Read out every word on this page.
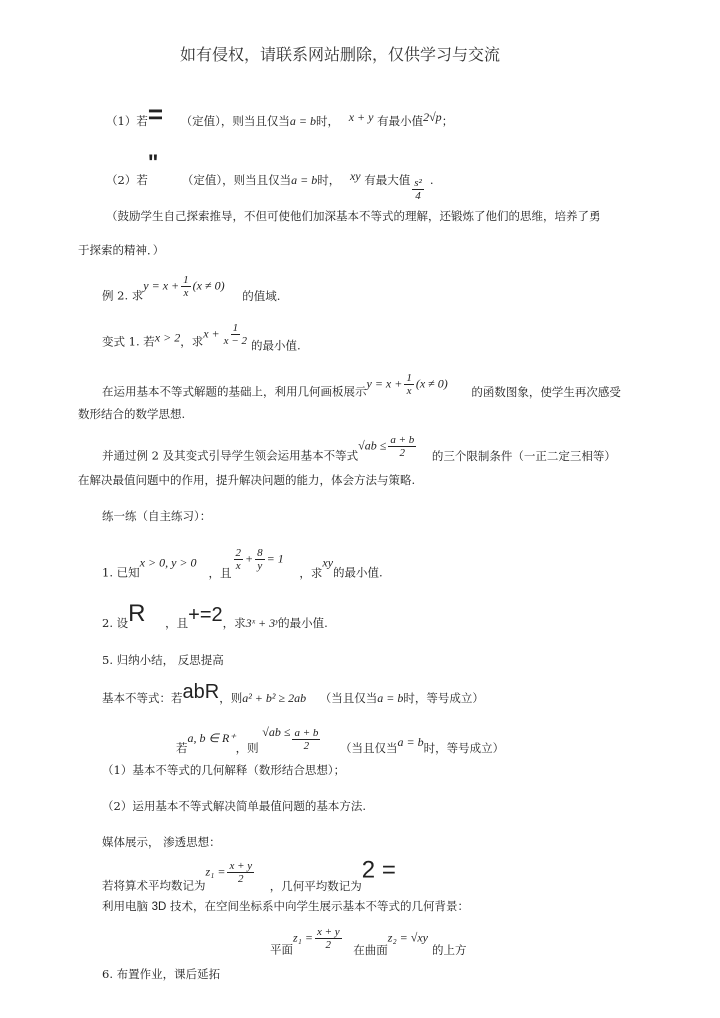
如有侵权，请联系网站删除，仅供学习与交流
（1）若= （定值），则当且仅当a = b时， x + y 有最小值2√p；
（2）若" （定值），则当且仅当a = b时， xy 有最大值 $\frac{\text{s²}}{4}$ .
（鼓励学生自己探索推导，不但可使他们加深基本不等式的理解，还锻炼了他们的思维，培养了勇
于探索的精神．）
例 2. 求$y = x + \frac{1}{x} (x \ne 0)$ 的值域.
变式 1. 若x > 2，求$x + \frac{1}{x - 2}$ 的最小值.
在运用基本不等式解题的基础上，利用几何画板展示$y = x + \frac{1}{x} (x \ne 0)$ 的函数图象，使学生再次感受
数形结合的数学思想.
并通过例 2 及其变式引导学生领会运用基本不等式$√ab \le \frac{a + b}{2}$ 的三个限制条件（一正二定三相等）
在解决最值问题中的作用，提升解决问题的能力，体会方法与策略.
练一练（自主练习）：
1. 已知x > 0, y > 0，且
$\frac{2}{x} + \frac{8}{y} = 1$ ，求xy的最小值.
2. 设R ，且+=2，求3ˣ + 3ʸ的最小值.
5. 归纳小结， 反思提高
基本不等式：若abR，则a² + b² ≥ 2ab （当且仅当a = b时，等号成立）
若a, b ∈ R⁺，则 $√ab \le \frac{a + b}{2}$ （当且仅当a = b时，等号成立）
（1）基本不等式的几何解释（数形结合思想）；
（2）运用基本不等式解决简单最值问题的基本方法.
媒体展示， 渗透思想：
若将算术平均数记为$z_1 = \frac{x + y}{2}$
，几何平均数记为2 =
利用电脑 3D 技术，在空间坐标系中向学生展示基本不等式的几何背景：
平面$z_1 = \frac{x + y}{2}$ 在曲面z₂ = √xy的上方
6. 布置作业，课后延拓
